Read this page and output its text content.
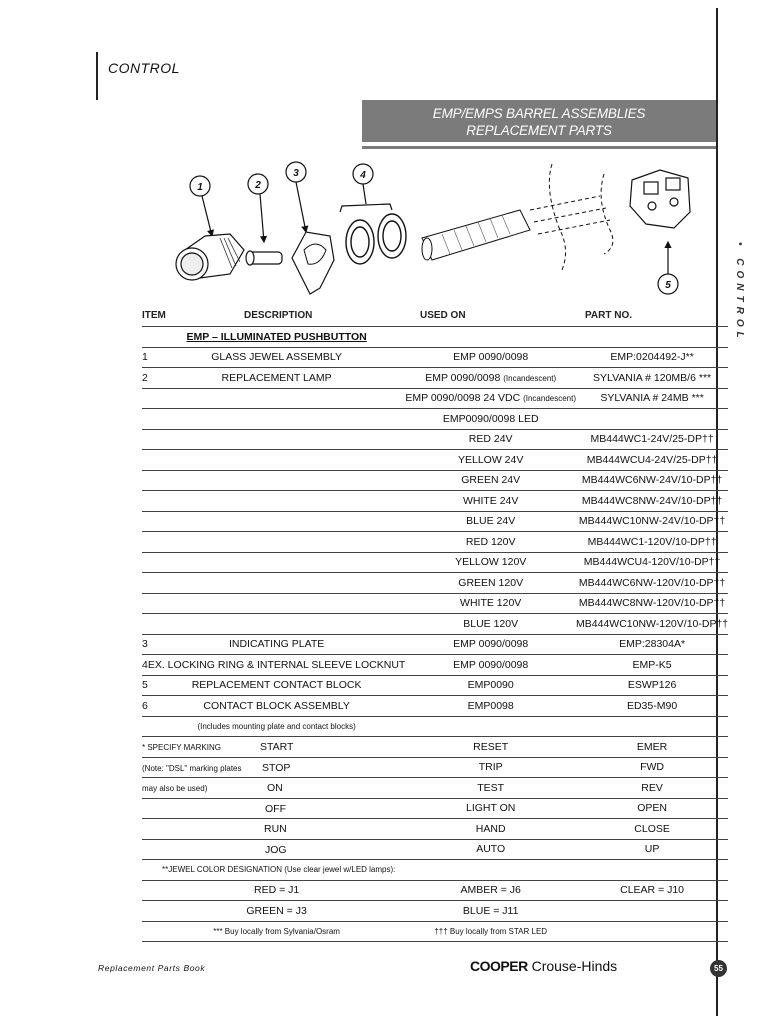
CONTROL
EMP/EMPS BARREL ASSEMBLIES
REPLACEMENT PARTS
• CONTROL
1	2
3	4
5
ITEM	DESCRIPTION	USED ON	PART NO.
	EMP – ILLUMINATED PUSHBUTTON		
1	GLASS JEWEL ASSEMBLY	EMP 0090/0098	EMP:0204492-J**
2	REPLACEMENT LAMP	EMP 0090/0098 (Incandescent)	SYLVANIA # 120MB/6 ***
		EMP 0090/0098 24 VDC (Incandescent)	SYLVANIA # 24MB ***
		EMP0090/0098 LED	
		RED 24V	MB444WC1-24V/25-DP††
		YELLOW 24V	MB444WCU4-24V/25-DP††
		GREEN 24V	MB444WC6NW-24V/10-DP††
		WHITE 24V	MB444WC8NW-24V/10-DP††
		BLUE 24V	MB444WC10NW-24V/10-DP††
		RED 120V	MB444WC1-120V/10-DP††
		YELLOW 120V	MB444WCU4-120V/10-DP††
		GREEN 120V	MB444WC6NW-120V/10-DP††
		WHITE 120V	MB444WC8NW-120V/10-DP††
		BLUE 120V	MB444WC10NW-120V/10-DP††
3	INDICATING PLATE	EMP 0090/0098	EMP:28304A*
4	EX. LOCKING RING & INTERNAL SLEEVE LOCKNUT	EMP 0090/0098	EMP-K5
5	REPLACEMENT CONTACT BLOCK	EMP0090	ESWP126
6	CONTACT BLOCK ASSEMBLY	EMP0098	ED35-M90
	(Includes mounting plate and contact blocks)		

* SPECIFY MARKING START		RESET	EMER

(Note: "DSL" marking plates STOP		TRIP	FWD

may also be used) ON		TEST	REV

OFF		LIGHT ON	OPEN

RUN		HAND	CLOSE

JOG		AUTO	UP
**JEWEL COLOR DESIGNATION (Use clear jewel w/LED lamps):			
	RED = J1	AMBER = J6	CLEAR = J10
	GREEN = J3	BLUE = J11	
	*** Buy locally from Sylvania/Osram	††† Buy locally from STAR LED	
Replacement Parts Book	COOPER Crouse-Hinds	55
